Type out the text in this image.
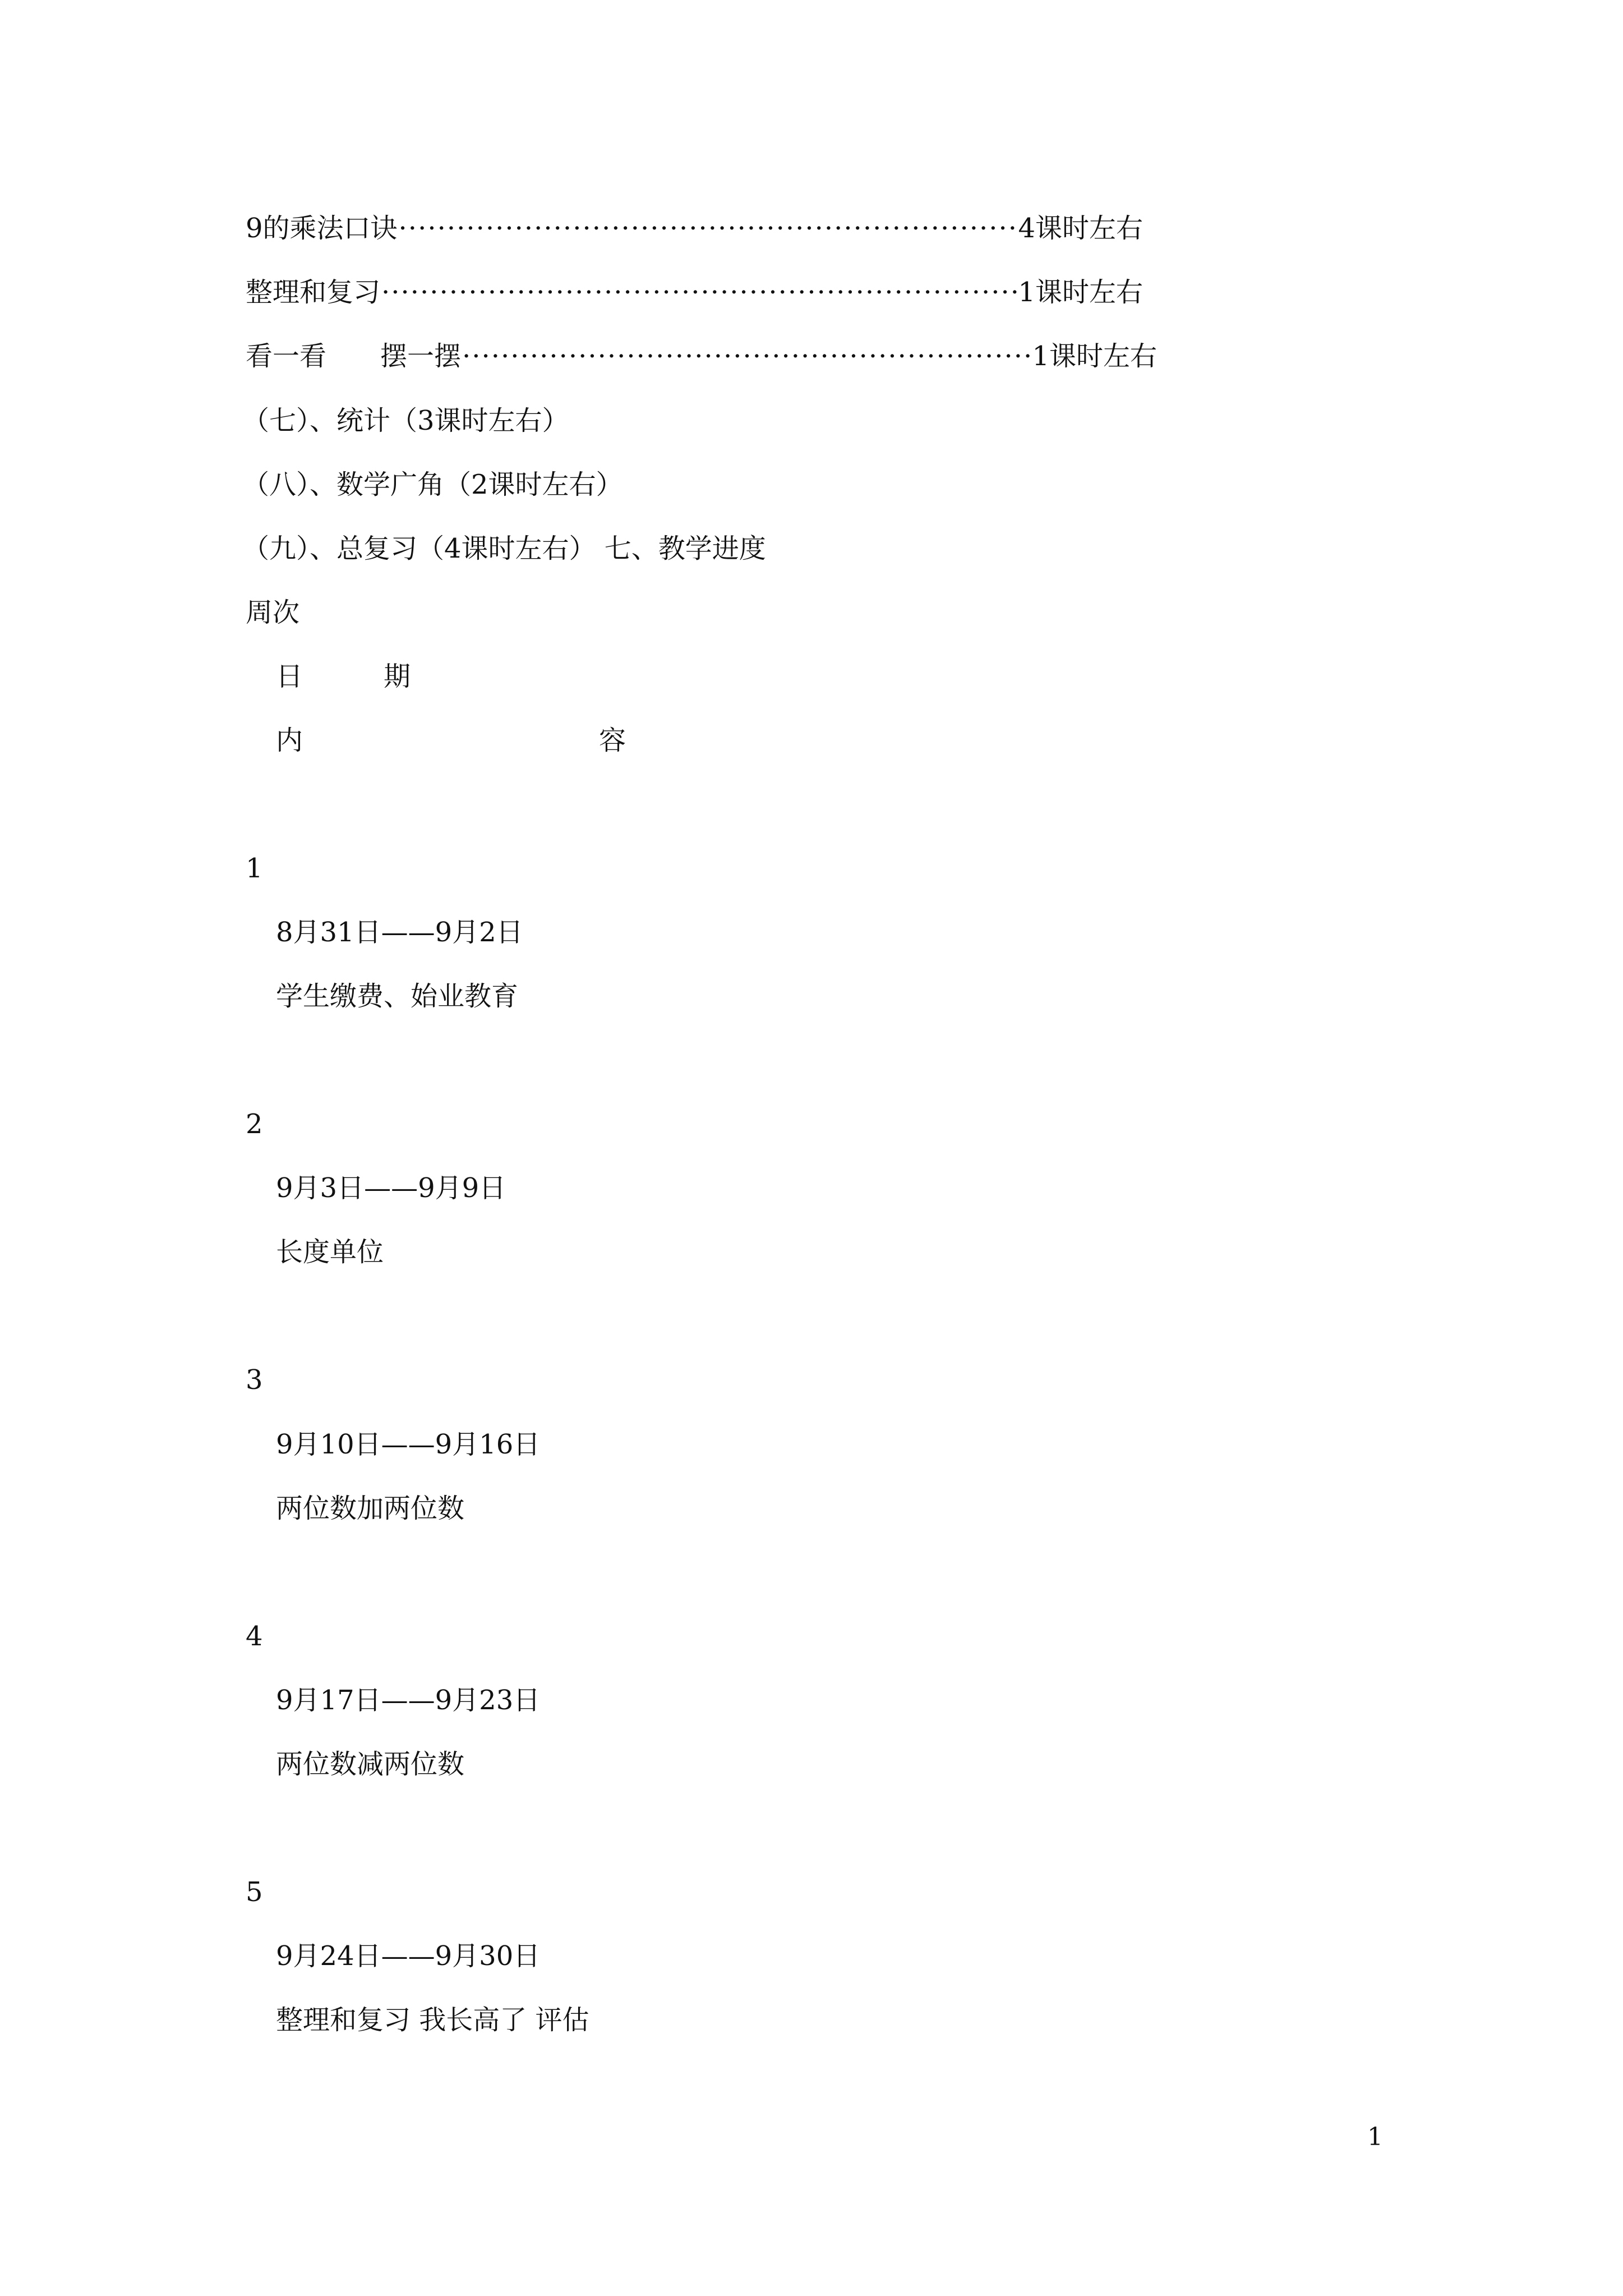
9的乘法口诀 ·····	4课时左右
整理和复习 ·····	1课时左右
看一看　　摆一摆 ·····	1课时左右
（七）、统计（3课时左右）
（八）、数学广角（2课时左右）
（九）、总复习（4课时左右） 七、教学进度
周次
日　　　期
内　　　　　　　　　　　容
1
8月31日——9月2日
学生缴费、始业教育
2
9月3日——9月9日
长度单位
3
9月10日——9月16日
两位数加两位数
4
9月17日——9月23日
两位数减两位数
5
9月24日——9月30日
整理和复习 我长高了 评估
1
